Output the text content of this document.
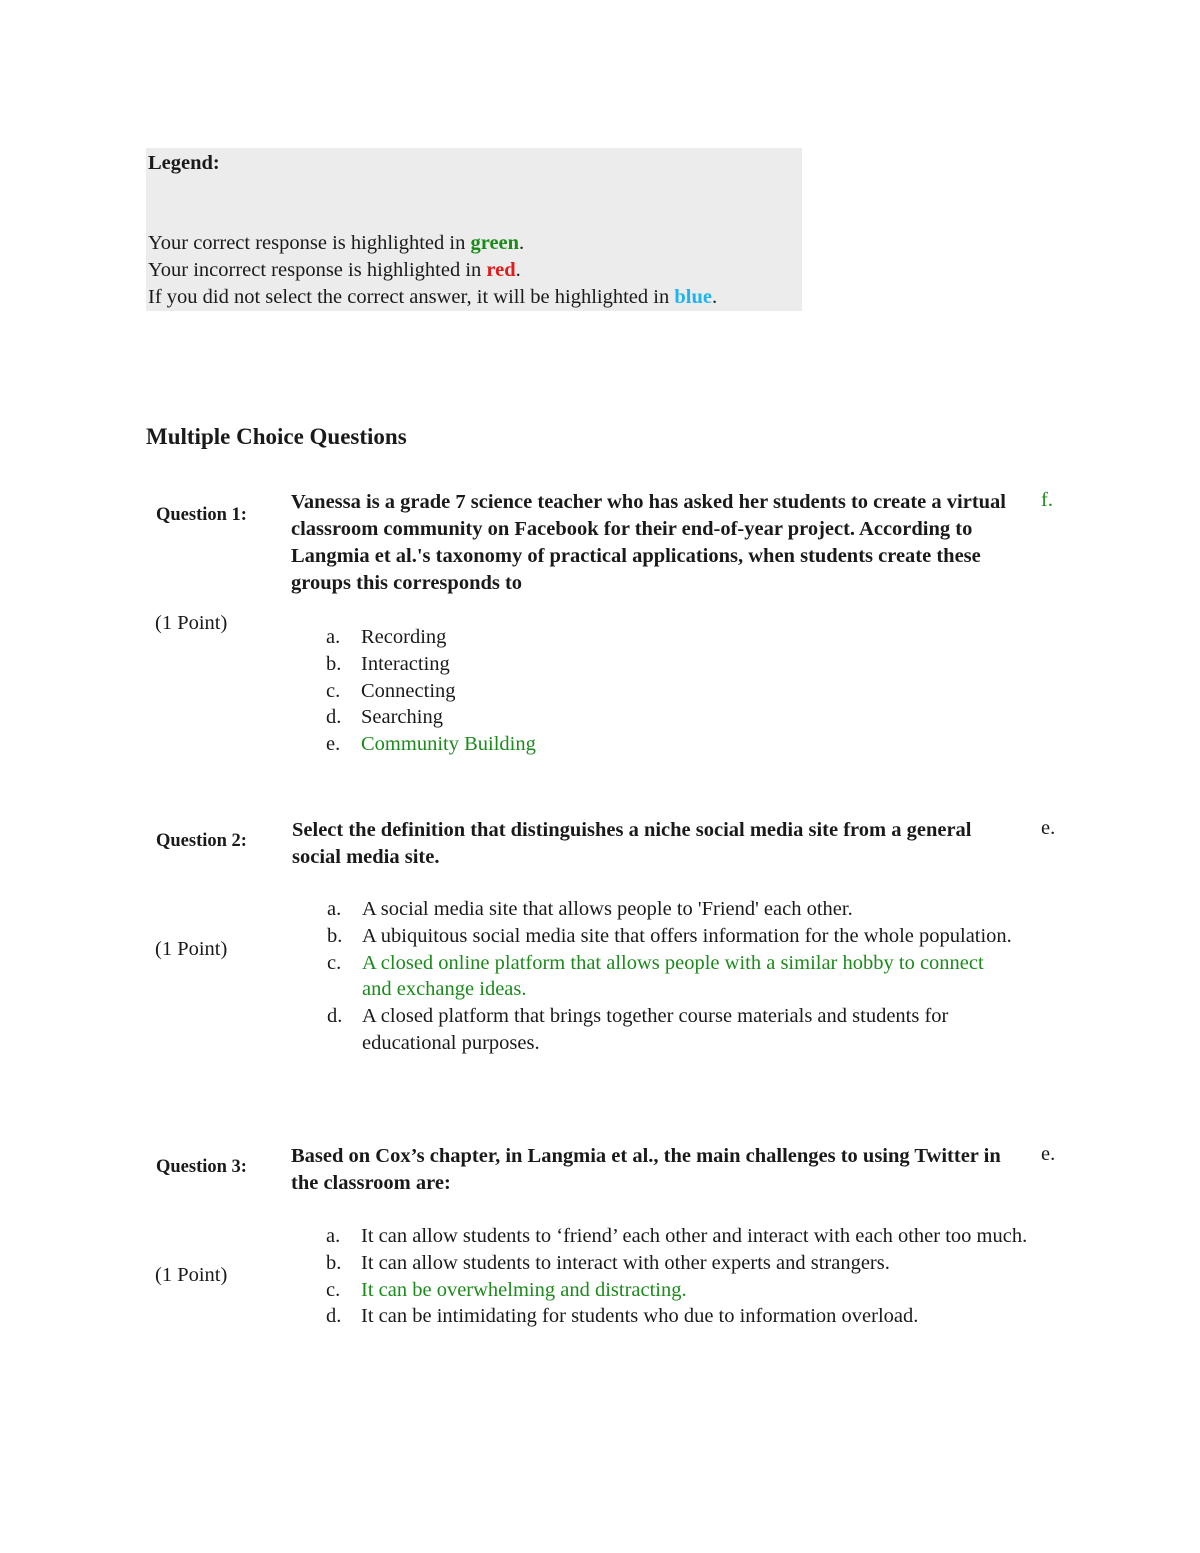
Legend:
Your correct response is highlighted in green.
Your incorrect response is highlighted in red.
If you did not select the correct answer, it will be highlighted in blue.
Multiple Choice Questions
Question 1:
(1 Point)
Vanessa is a grade 7 science teacher who has asked her students to create a virtual classroom community on Facebook for their end-of-year project. According to Langmia et al.'s taxonomy of practical applications, when students create these groups this corresponds to
f.
a.	Recording
b. Interacting
c.	Connecting
d. Searching
e.	Community Building
Question 2:
(1 Point)
Select the definition that distinguishes a niche social media site from a general social media site.
e.
a.	A social media site that allows people to 'Friend' each other.
b. A ubiquitous social media site that offers information for the whole population.
c.	A closed online platform that allows people with a similar hobby to connect and exchange ideas.
d. A closed platform that brings together course materials and students for educational purposes.
Question 3:
(1 Point)
Based on Cox’s chapter, in Langmia et al., the main challenges to using Twitter in the classroom are:
e.
a.	It can allow students to ‘friend’ each other and interact with each other too much.
b. It can allow students to interact with other experts and strangers.
c.	It can be overwhelming and distracting.
d. It can be intimidating for students who due to information overload.
